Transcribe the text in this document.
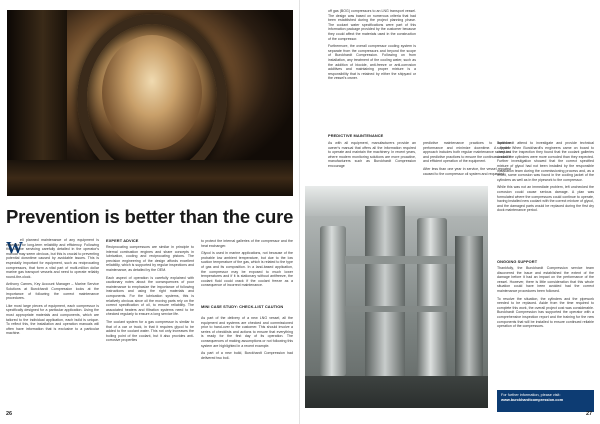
Prevention is better than the cure
W

ell planned maintenance of any equipment is essential for long-term reliability and efficiency. Following the routine servicing carefully detailed in the operator's manual may seem obvious, but this is crucial to preventing potential downtime caused by avoidable issues. This is especially important for equipment, such as reciprocating compressors, that form a vital part of multi-million dollar marine gas transport vessels and need to operate reliably round-the-clock.

Anthony Carnes, Key Account Manager – Marine Service Solutions at Burckhardt Compression looks at the importance of following the correct maintenance procedures.

Like most large pieces of equipment, each compressor is specifically designed for a particular application. Using the most appropriate materials and components, which are tailored to the individual application, each build is unique. To reflect this, the installation and operation manuals will often have information that is exclusive to a particular machine.

EXPERT ADVICE

Reciprocating compressors are similar in principle to internal combustion engines and share concepts in lubrication, cooling and reciprocating pistons. The precision engineering of the design affords excellent reliability, which is supported by regular inspections and maintenance, as detailed by the OEM.

Each aspect of operation is carefully explained with cautionary notes about the consequences of poor maintenance to emphasize the importance of following instructions and using the right materials and components. For the lubrication systems, this is relatively obvious since oil the moving parts rely on the correct specification of oil, to ensure reliability. The associated heaters and filtration systems need to be checked regularly to ensure a long service life.

The coolant system for a gas compressor is similar to that of a car or truck, in that it requires glycol to be added to the coolant water. This not only increases the boiling point of the coolant, but it also provides anti-corrosive properties

to protect the internal galleries of the compressor and the heat exchanger.

Glycol is used in marine applications, not because of the probable low ambient temperature, but due to the low suction temperature of the gas, which is related to the type of gas and its composition. In a land-based application, the compressor may be exposed to much lower temperatures and if it is stationary without antifreeze, the coolant fluid could crack if the coolant freeze as a consequence of incorrect maintenance.

MINI CASE STUDY: CHECK-LIST CAUTION

As part of the delivery of a new LNG vessel, all the equipment and systems are checked and commissioned prior to hand-over to the customer. This should involve a series of checklists and actions to ensure that everything is ready for the first day of its operation. The consequences of making assumptions or not following this system are highlighted in a recent example.

As part of a new build, Burckhardt Compression had delivered two boil-

26

off gas (BOG) compressors to an LNG transport vessel. The design was based on numerous criteria that had been established during the project planning phase. The coolant water specifications were part of this information package provided by the customer because they could affect the materials used in the construction of the compressor.

Furthermore, the overall compressor cooling system is separate from the compressors and beyond the scope of Burckhardt Compression. Following on from installation, any treatment of the cooling water, such as the addition of biocide, anti-freeze or anti-corrosion additives and maintaining proper mixture is a responsibility that is retained by either the shipyard or the vessel's owner.

PREDICTIVE MAINTENANCE

As with all equipment, manufacturers provide an owner's manual that offers all the information required to operate and maintain the machinery. In recent years, where modern monitoring solutions are more proactive, manufacturers such as Burckhardt Compression encourage

predictive maintenance practices to optimize performance and minimize downtime. A flexible approach includes both regular maintenance schedules and predictive practices to ensure the continued reliable and efficient operation of the equipment.

After less than one year in service, the vessel reported caused to the compressor oil system and requested

Burckhardt attend to investigate and provide technical support. When Burckhardt's engineers came on board to carry out the inspection they found that the coolant galleries around the cylinders were more corroded than they expected. Further investigation showed that the correct specified mixture of glycol had not been installed by the responsible installation team during the commissioning process and, as a result, some corrosion was found in the cooling jacket of the cylinders as well as in the pipework to the compressor.

While this was not an immediate problem, left unchecked the corrosion could cause serious damage. A plan was formulated where the compressors could continue to operate, having installed new coolant with the correct mixture of glycol, and the damaged parts would be replaced during the first dry dock maintenance period.

ONGOING SUPPORT

Thankfully, the Burckhardt Compression service team discovered the issue and established the extent of the damage before it had an impact on the performance of the vessel. However, there is little consideration that this whole situation could have been avoided had the correct maintenance procedures been followed.

To resolve the situation, the cylinders and the pipework needed to be replaced. Aside from the time required to complete this work, the overall project cost was considerable. Burckhardt Compression has supported the operator with a comprehensive inspection report and the training for the new components that will be installed to ensure continued reliable operation of the compressors.

For further information, please visit:
www.burckhardtcompression.com
27
